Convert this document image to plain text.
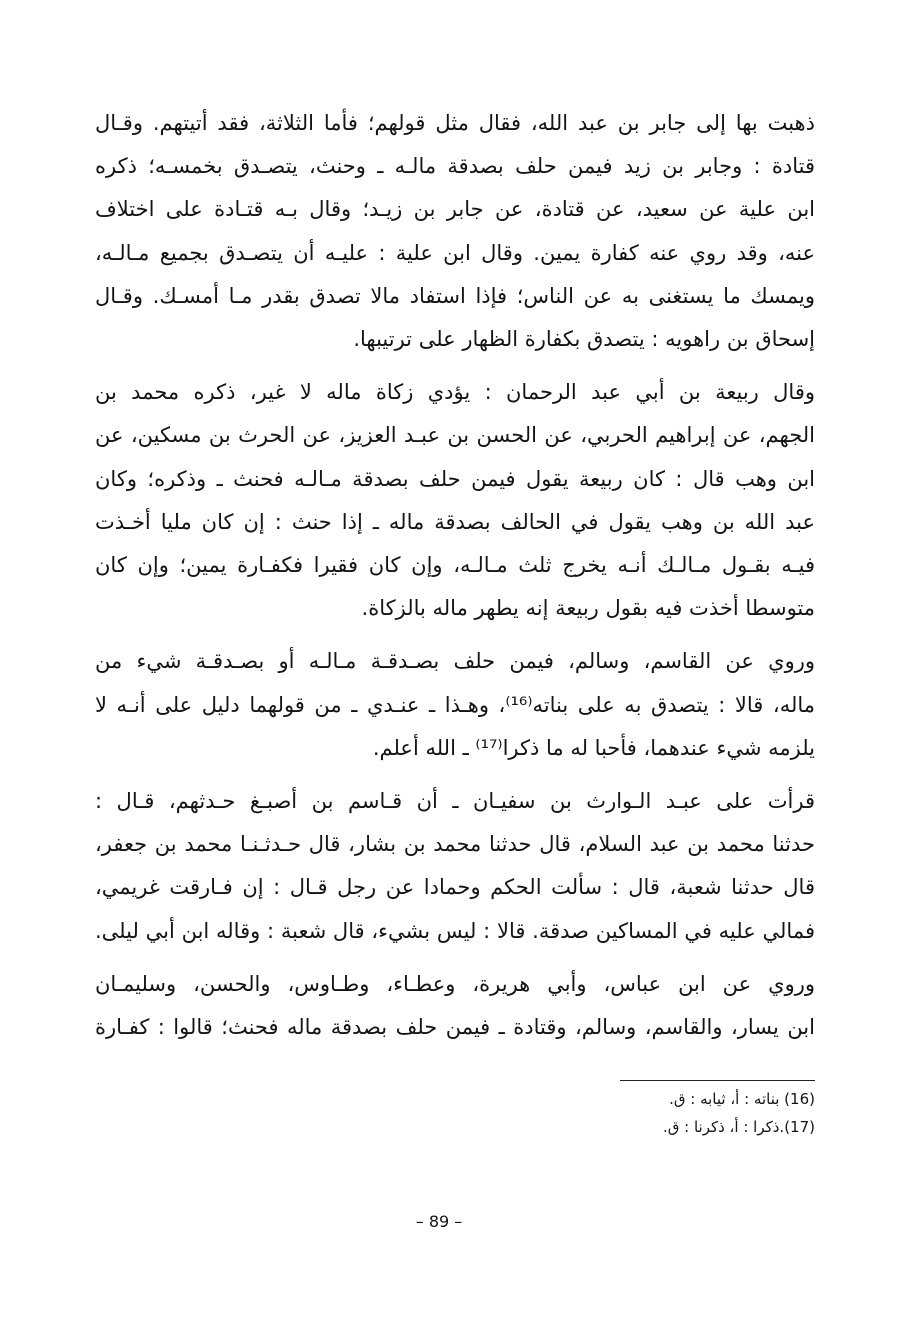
ذهبت بها إلى جابر بن عبد الله، فقال مثل قولهم؛ فأما الثلاثة، فقد أتيتهم. وقـال
قتادة : وجابر بن زيد فيمن حلف بصدقة مالـه ـ وحنث، يتصـدق بخمسـه؛ ذكره
ابن علية عن سعيد، عن قتادة، عن جابر بن زيـد؛ وقال بـه قتـادة على اختلاف
عنه، وقد روي عنه كفارة يمين. وقال ابن علية : عليـه أن يتصـدق بجميع مـالـه،
ويمسك ما يستغنى به عن الناس؛ فإذا استفاد مالا تصدق بقدر مـا أمسـك. وقـال
إسحاق بن راهويه : يتصدق بكفارة الظهار على ترتيبها.

وقال ربيعة بن أبي عبد الرحمان : يؤدي زكاة ماله لا غير، ذكره محمد بن
الجهم، عن إبراهيم الحربي، عن الحسن بن عبـد العزيز، عن الحرث بن مسكين، عن
ابن وهب قال : كان ربيعة يقول فيمن حلف بصدقة مـالـه فحنث ـ وذكره؛ وكان
عبد الله بن وهب يقول في الحالف بصدقة ماله ـ إذا حنث : إن كان مليا أخـذت
فيـه بقـول مـالـك أنـه يخرج ثلث مـالـه، وإن كان فقيرا فكفـارة يمين؛ وإن كان
متوسطا أخذت فيه بقول ربيعة إنه يطهر ماله بالزكاة.

وروي عن القاسم، وسالم، فيمن حلف بصـدقـة مـالـه أو بصـدقـة شيء من
ماله، قالا : يتصدق به على بناته⁽¹⁶⁾، وهـذا ـ عنـدي ـ من قولهما دليل على أنـه لا
يلزمه شيء عندهما، فأحبا له ما ذكرا⁽¹⁷⁾ ـ الله أعلم.

قرأت على عبـد الـوارث بن سفيـان ـ أن قـاسم بن أصبـغ حـدثهم، قـال :
حدثنا محمد بن عبد السلام، قال حدثنا محمد بن بشار، قال حـدثـنـا محمد بن جعفر،
قال حدثنا شعبة، قال : سألت الحكم وحمادا عن رجل قـال : إن فـارقت غريمي،
فمالي عليه في المساكين صدقة. قالا : ليس بشيء، قال شعبة : وقاله ابن أبي ليلى.

وروي عن ابن عباس، وأبي هريرة، وعطـاء، وطـاوس، والحسن، وسليمـان
ابن يسار، والقاسم، وسالم، وقتادة ـ فيمن حلف بصدقة ماله فحنث؛ قالوا : كفـارة

(16) بناته : أ، ثيابه : ق.
(17).ذكرا : أ، ذكرنا : ق.
– 89 –
